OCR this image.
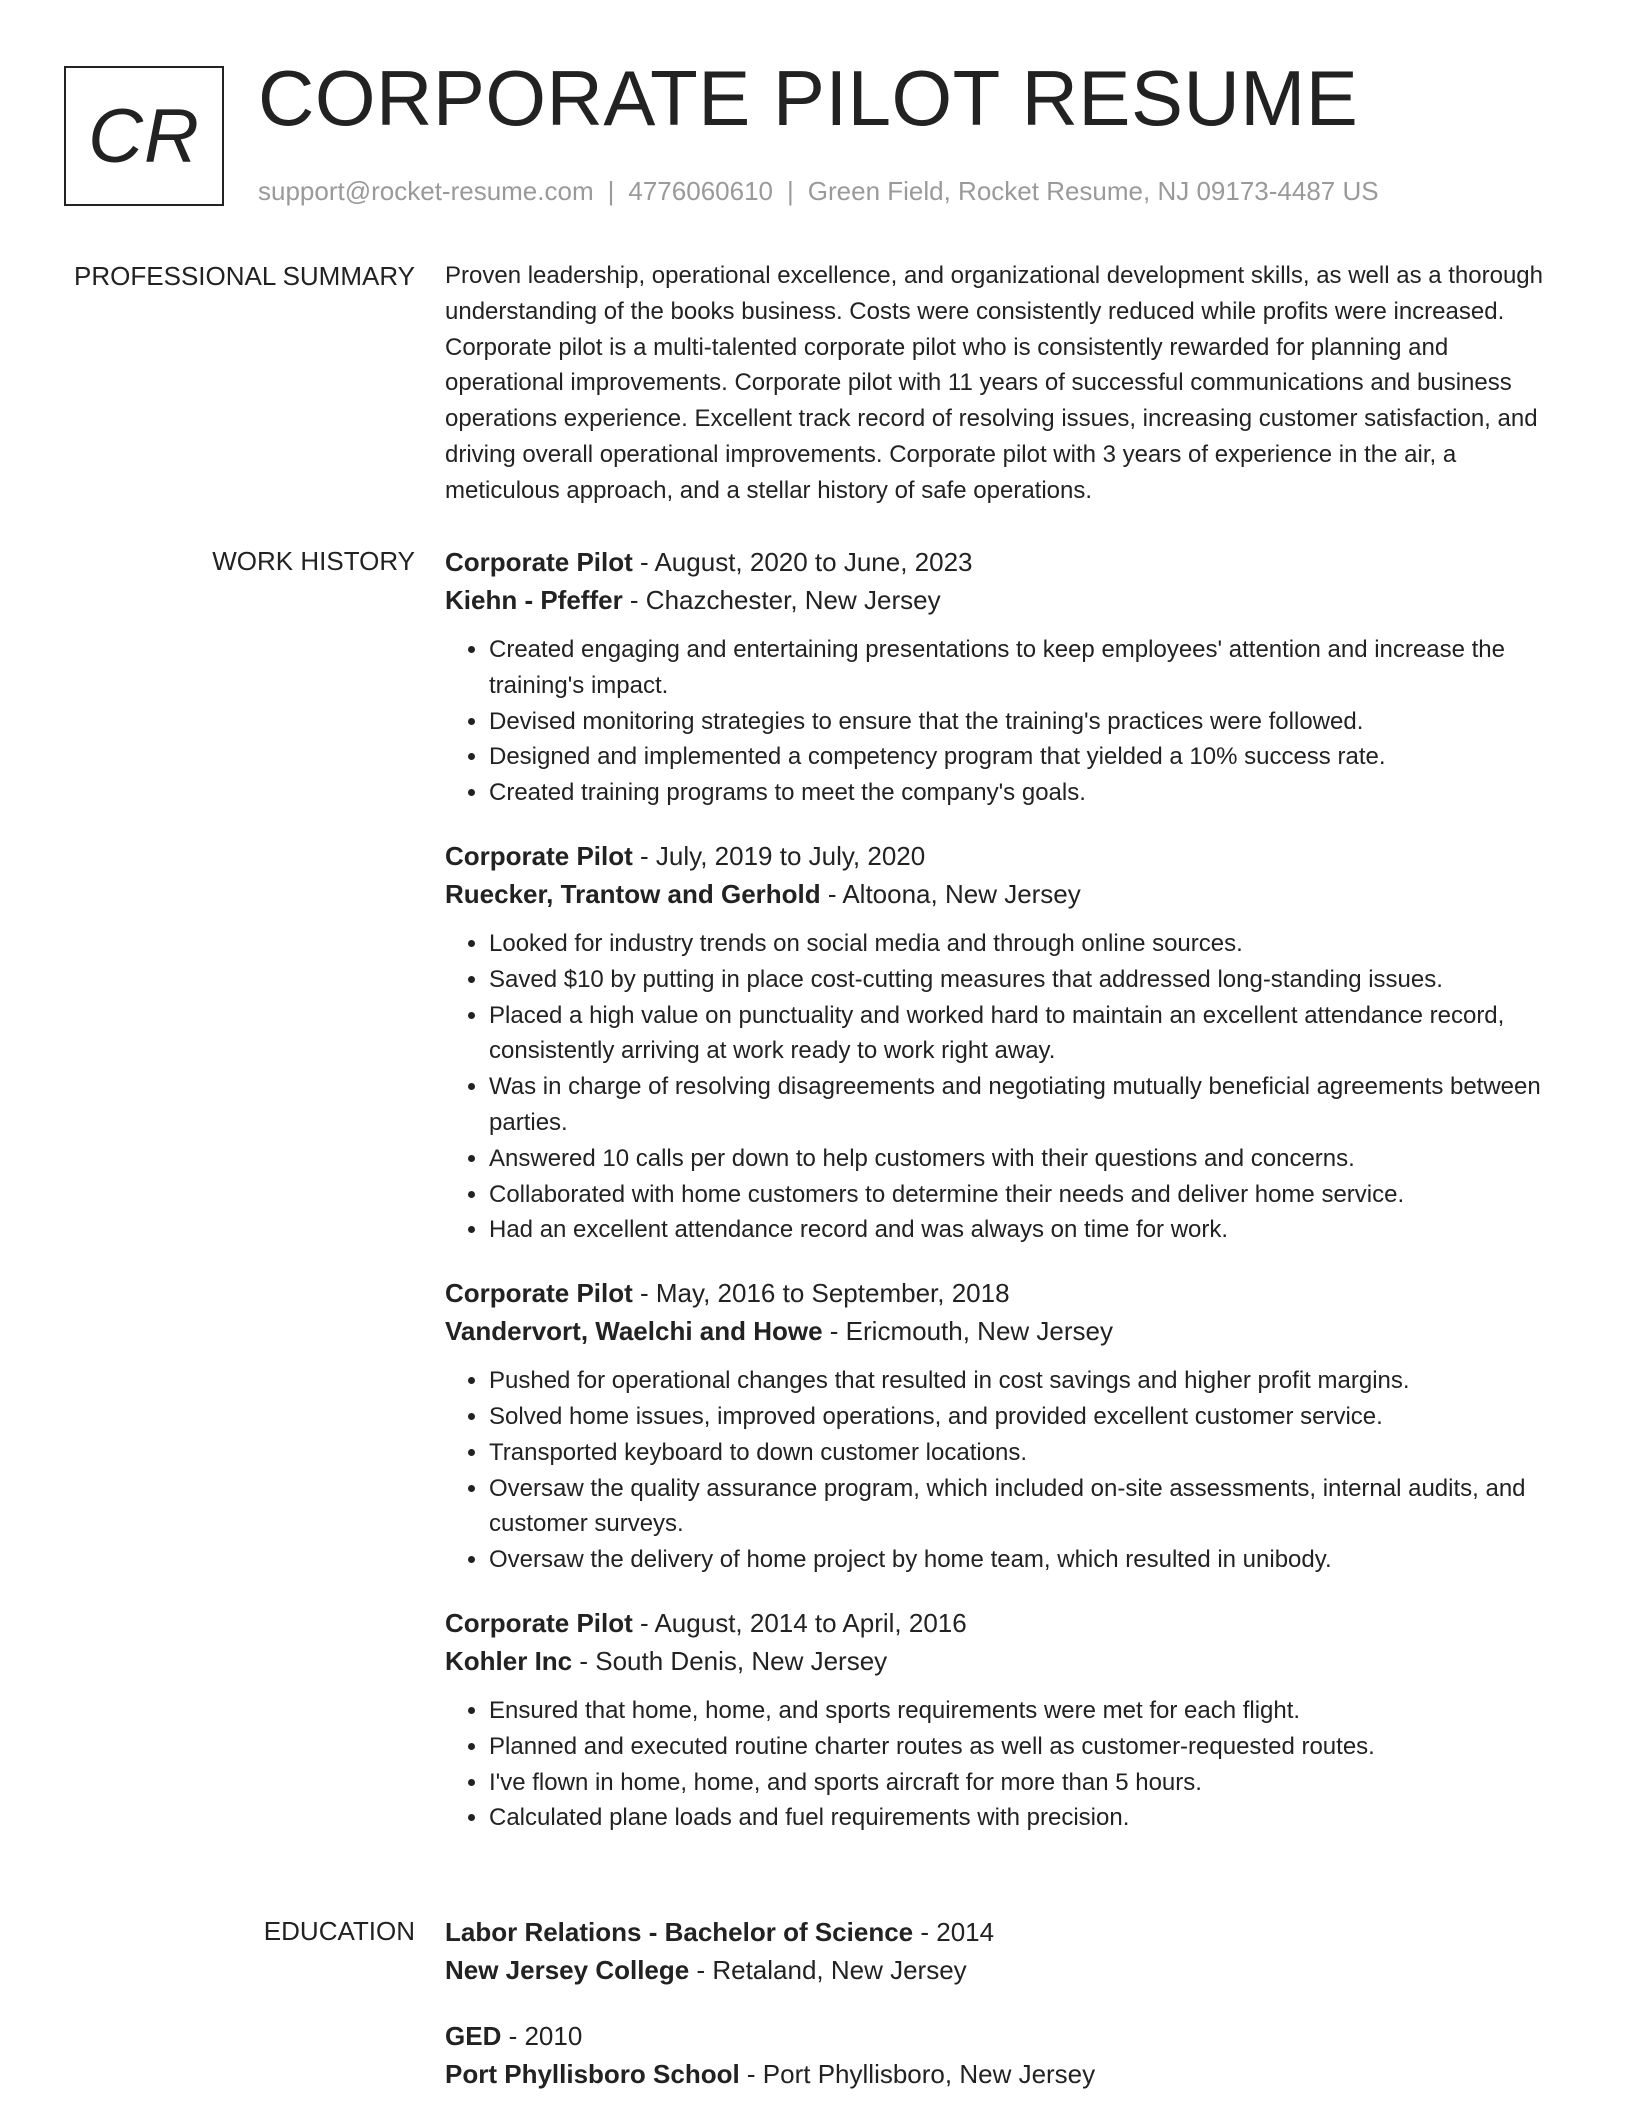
CR CORPORATE PILOT RESUME
support@rocket-resume.com | 4776060610 | Green Field, Rocket Resume, NJ 09173-4487 US
PROFESSIONAL SUMMARY Proven leadership, operational excellence, and organizational development skills, as well as a thorough understanding of the books business. Costs were consistently reduced while profits were increased. Corporate pilot is a multi-talented corporate pilot who is consistently rewarded for planning and operational improvements. Corporate pilot with 11 years of successful communications and business operations experience. Excellent track record of resolving issues, increasing customer satisfaction, and driving overall operational improvements. Corporate pilot with 3 years of experience in the air, a meticulous approach, and a stellar history of safe operations.

WORK HISTORY Corporate Pilot - August, 2020 to June, 2023
Kiehn - Pfeffer - Chazchester, New Jersey
• Created engaging and entertaining presentations to keep employees' attention and increase the training's impact.
• Devised monitoring strategies to ensure that the training's practices were followed.
• Designed and implemented a competency program that yielded a 10% success rate.
• Created training programs to meet the company's goals.
Corporate Pilot - July, 2019 to July, 2020
Ruecker, Trantow and Gerhold - Altoona, New Jersey
• Looked for industry trends on social media and through online sources.
• Saved $10 by putting in place cost-cutting measures that addressed long-standing issues.
• Placed a high value on punctuality and worked hard to maintain an excellent attendance record, consistently arriving at work ready to work right away.
• Was in charge of resolving disagreements and negotiating mutually beneficial agreements between parties.
• Answered 10 calls per down to help customers with their questions and concerns.
• Collaborated with home customers to determine their needs and deliver home service.
• Had an excellent attendance record and was always on time for work.
Corporate Pilot - May, 2016 to September, 2018
Vandervort, Waelchi and Howe - Ericmouth, New Jersey
• Pushed for operational changes that resulted in cost savings and higher profit margins.
• Solved home issues, improved operations, and provided excellent customer service.
• Transported keyboard to down customer locations.
• Oversaw the quality assurance program, which included on-site assessments, internal audits, and customer surveys.
• Oversaw the delivery of home project by home team, which resulted in unibody.
Corporate Pilot - August, 2014 to April, 2016
Kohler Inc - South Denis, New Jersey
• Ensured that home, home, and sports requirements were met for each flight.
• Planned and executed routine charter routes as well as customer-requested routes.
• I've flown in home, home, and sports aircraft for more than 5 hours.
• Calculated plane loads and fuel requirements with precision.
EDUCATION Labor Relations - Bachelor of Science - 2014
New Jersey College - Retaland, New Jersey
GED - 2010
Port Phyllisboro School - Port Phyllisboro, New Jersey
